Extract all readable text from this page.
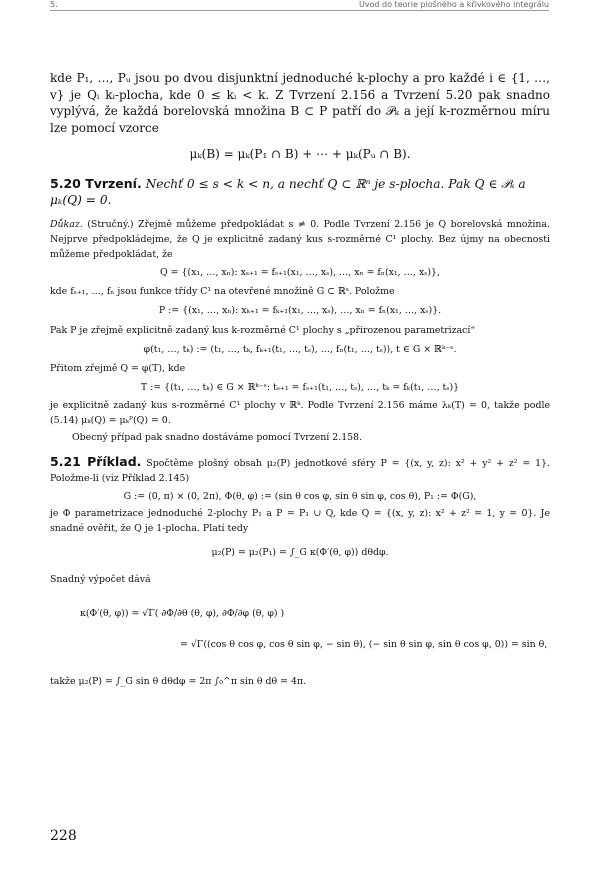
5.	Úvod do teorie plošného a křivkového integrálu
kde P₁, …, Pᵤ jsou po dvou disjunktní jednoduché k-plochy a pro každé i ∈ {1, …, v} je Qᵢ kᵢ-plocha, kde 0 ≤ kᵢ < k. Z Tvrzení 2.156 a Tvrzení 5.20 pak snadno vyplývá, že každá borelovská množina B ⊂ P patří do 𝒫ₖ a její k-rozměrnou míru lze pomocí vzorce
μₖ(B) = μₖ(P₁ ∩ B) + ⋯ + μₖ(Pᵤ ∩ B).
5.20 Tvrzení. Nechť 0 ≤ s < k < n, a nechť Q ⊂ ℝⁿ je s-plocha. Pak Q ∈ 𝒫ₖ a μₖ(Q) = 0.
Důkaz. (Stručný.) Zřejmě můžeme předpokládat s ≠ 0. Podle Tvrzení 2.156 je Q borelovská množina. Nejprve předpokládejme, že Q je explicitně zadaný kus s-rozměrné C¹ plochy. Bez újmy na obecnosti můžeme předpokládat, že
Q = {(x₁, …, xₙ): xₛ₊₁ = fₛ₊₁(x₁, …, xₛ), …, xₙ = fₙ(x₁, …, xₛ)},
kde fₛ₊₁, …, fₙ jsou funkce třídy C¹ na otevřené množině G ⊂ ℝˢ. Položme
P := {(x₁, …, xₙ): xₖ₊₁ = fₖ₊₁(x₁, …, xₛ), …, xₙ = fₙ(x₁, …, xₛ)}.
Pak P je zřejmě explicitně zadaný kus k-rozměrné C¹ plochy s „přirozenou parametrizací“
φ(t₁, …, tₖ) := (t₁, …, tₖ, fₖ₊₁(t₁, …, tₛ), …, fₙ(t₁, …, tₛ)), t ∈ G × ℝᵏ⁻ˢ.
Přitom zřejmě Q = φ(T), kde
T := {(t₁, …, tₖ) ∈ G × ℝᵏ⁻ˢ: tₛ₊₁ = fₛ₊₁(t₁, …, tₛ), …, tₖ = fₖ(t₁, …, tₛ)}
je explicitně zadaný kus s-rozměrné C¹ plochy v ℝᵏ. Podle Tvrzení 2.156 máme λₖ(T) = 0, takže podle (5.14) μₖ(Q) = μₖᴾ(Q) = 0.
Obecný případ pak snadno dostáváme pomocí Tvrzení 2.158.
5.21 Příklad. Spočtěme plošný obsah μ₂(P) jednotkové sféry P = {(x, y, z): x² + y² + z² = 1}. Položme-li (viz Příklad 2.145)
G := (0, π) × (0, 2π), Φ(θ, φ) := (sin θ cos φ, sin θ sin φ, cos θ), P₁ := Φ(G),
je Φ parametrizace jednoduché 2-plochy P₁ a P = P₁ ∪ Q, kde Q = {(x, y, z): x² + z² = 1, y = 0}. Je snadné ověřit, že Q je 1-plocha. Platí tedy
μ₂(P) = μ₂(P₁) = ∫_G κ(Φ′(θ, φ)) dθdφ.
Snadný výpočet dává
κ(Φ′(θ, φ)) = √Γ( ∂Φ/∂θ (θ, φ), ∂Φ/∂φ (θ, φ) )
= √Γ((cos θ cos φ, cos θ sin φ, − sin θ), (− sin θ sin φ, sin θ cos φ, 0)) = sin θ,
takže μ₂(P) = ∫_G sin θ dθdφ = 2π ∫₀^π sin θ dθ = 4π.
228
